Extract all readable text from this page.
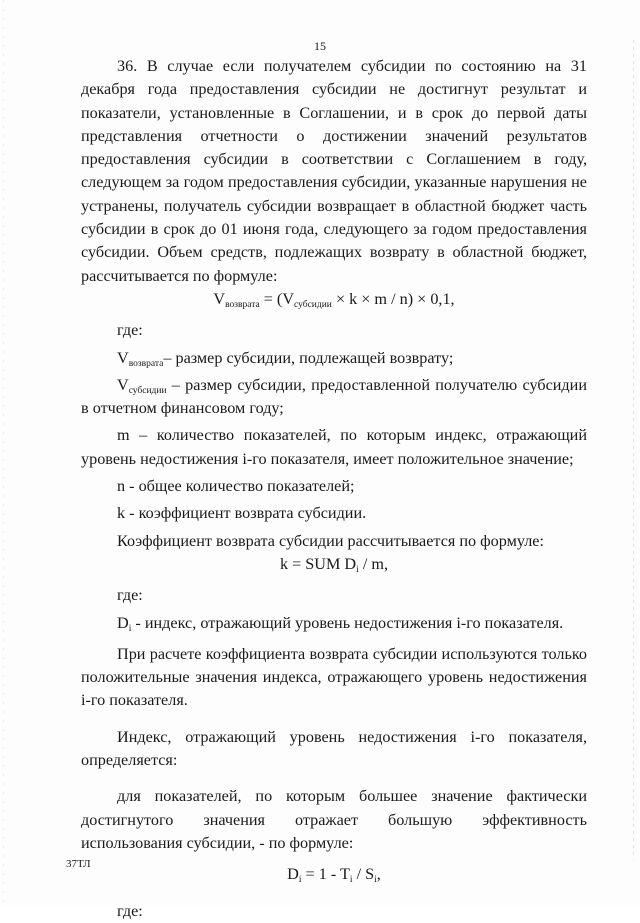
15

36. В случае если получателем субсидии по состоянию на 31 декабря года предоставления субсидии не достигнут результат и показатели, установленные в Соглашении, и в срок до первой даты представления отчетности о достижении значений результатов предоставления субсидии в соответствии с Соглашением в году, следующем за годом предоставления субсидии, указанные нарушения не устранены, получатель субсидии возвращает в областной бюджет часть субсидии в срок до 01 июня года, следующего за годом предоставления субсидии. Объем средств, подлежащих возврату в областной бюджет, рассчитывается по формуле:

$V_{возврата} = (V_{субсидии} \times k \times m / n) \times 0,1$,

где:

$V_{возврата}-$ размер субсидии, подлежащей возврату;

$V_{субсидии}$ – размер субсидии, предоставленной получателю субсидии в отчетном финансовом году;

m – количество показателей, по которым индекс, отражающий уровень недостижения i-го показателя, имеет положительное значение;

n - общее количество показателей;

k - коэффициент возврата субсидии.

Коэффициент возврата субсидии рассчитывается по формуле:

k = SUM $D_i$ / m,

где:

$D_i$ - индекс, отражающий уровень недостижения i-го показателя.

При расчете коэффициента возврата субсидии используются только положительные значения индекса, отражающего уровень недостижения i-го показателя.

Индекс, отражающий уровень недостижения i-го показателя, определяется:

для показателей, по которым большее значение фактически достигнутого значения отражает большую эффективность использования субсидии, - по формуле:

$D_i = 1 - T_i / S_i$,

где:

37ТЛ
